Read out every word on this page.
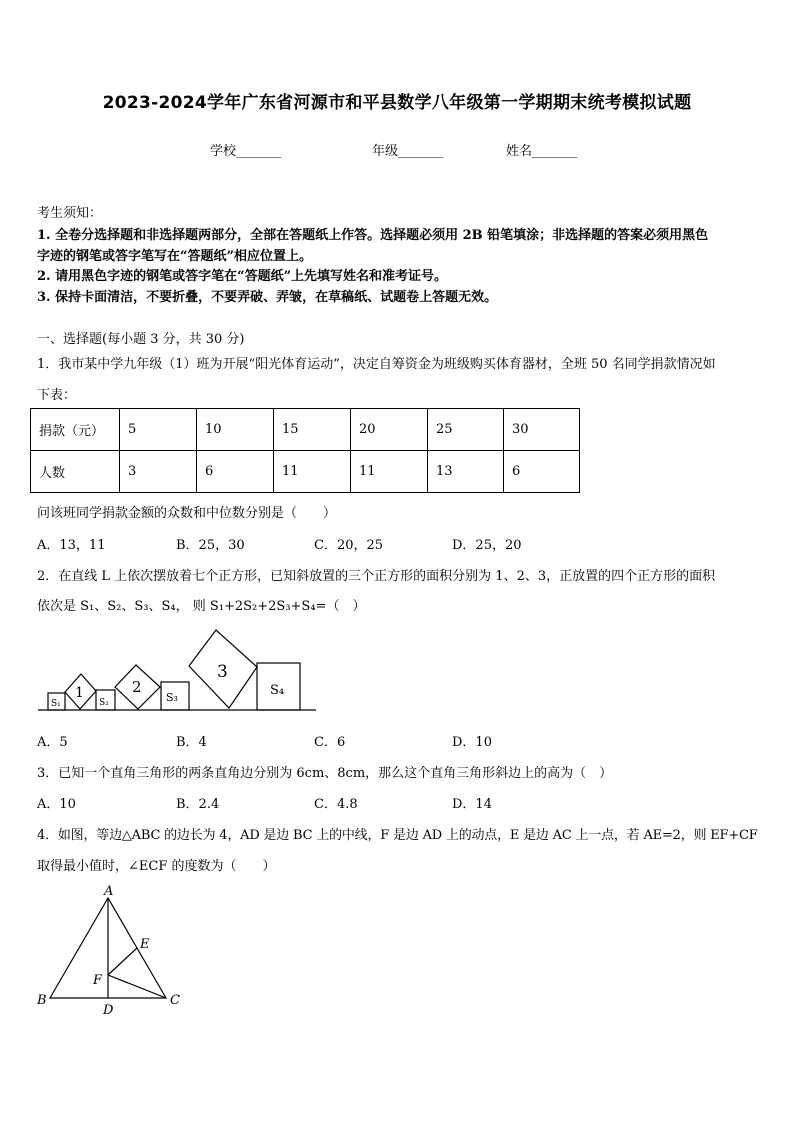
2023-2024学年广东省河源市和平县数学八年级第一学期期末统考模拟试题
学校_______	年级_______	姓名_______
考生须知：
1. 全卷分选择题和非选择题两部分，全部在答题纸上作答。选择题必须用 2B 铅笔填涂；非选择题的答案必须用黑色
字迹的钢笔或答字笔写在“答题纸”相应位置上。
2. 请用黑色字迹的钢笔或答字笔在“答题纸”上先填写姓名和准考证号。
3. 保持卡面清洁，不要折叠，不要弄破、弄皱，在草稿纸、试题卷上答题无效。
一、选择题(每小题 3 分，共 30 分)
1．我市某中学九年级（1）班为开展“阳光体育运动”，决定自筹资金为班级购买体育器材，全班 50 名同学捐款情况如
下表：
捐款（元）	5	10	15	20	25	30
人数	3	6	11	11	13	6
问该班同学捐款金额的众数和中位数分别是（　　）
A．13，11	B．25，30	C．20，25	D．25，20
2．在直线 L 上依次摆放着七个正方形，已知斜放置的三个正方形的面积分别为 1、2、3，正放置的四个正方形的面积
依次是 S₁、S₂、S₃、S₄， 则 S₁+2S₂+2S₃+S₄=（　）
S₁
1
S₂
2
S₃
3
S₄
A．5	B．4	C．6	D．10
3．已知一个直角三角形的两条直角边分别为 6cm、8cm，那么这个直角三角形斜边上的高为（　）
A．10	B．2.4	C．4.8	D．14
4．如图，等边△ABC 的边长为 4，AD 是边 BC 上的中线，F 是边 AD 上的动点，E 是边 AC 上一点，若 AE=2，则 EF+CF
取得最小值时，∠ECF 的度数为（　　）
A
B	C
D
E
F
